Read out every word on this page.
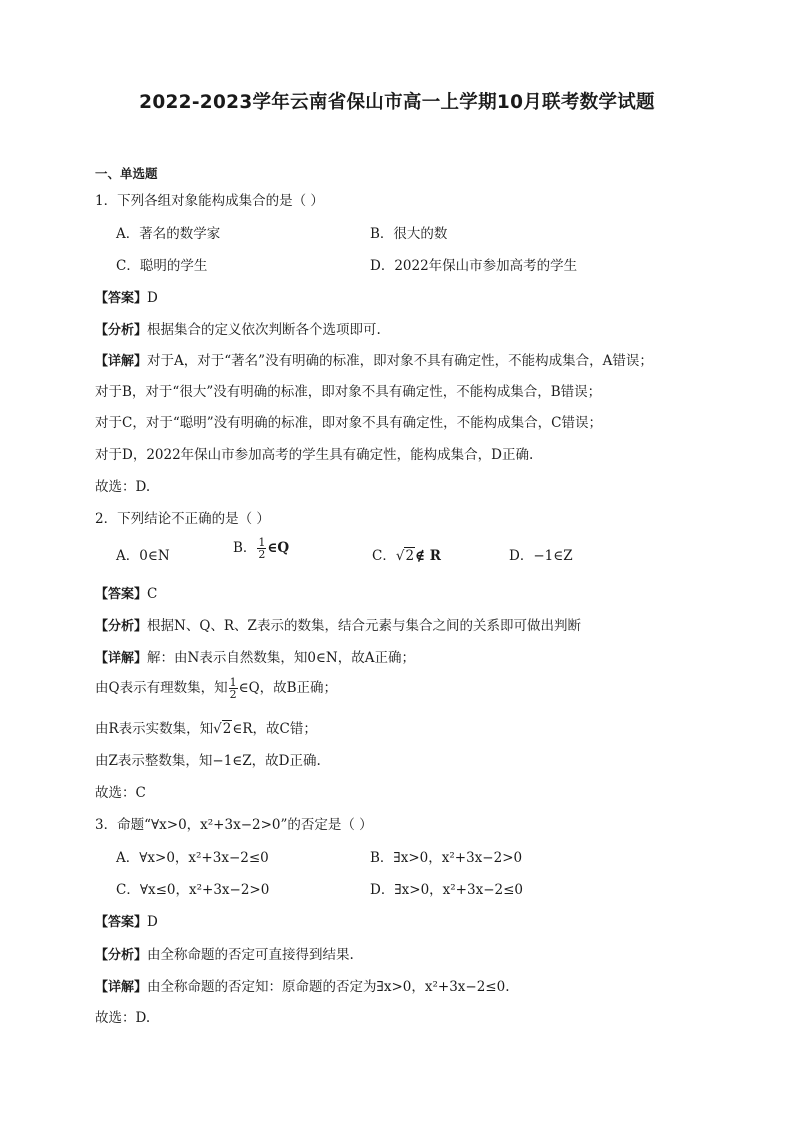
2022-2023学年云南省保山市高一上学期10月联考数学试题
一、单选题
1．下列各组对象能构成集合的是（ ）
A．著名的数学家	B．很大的数
C．聪明的学生	D．2022年保山市参加高考的学生
【答案】D
【分析】根据集合的定义依次判断各个选项即可.
【详解】对于A，对于“著名”没有明确的标准，即对象不具有确定性，不能构成集合，A错误；
对于B，对于“很大”没有明确的标准，即对象不具有确定性，不能构成集合，B错误；
对于C，对于“聪明”没有明确的标准，即对象不具有确定性，不能构成集合，C错误；
对于D，2022年保山市参加高考的学生具有确定性，能构成集合，D正确.
故选：D.
2．下列结论不正确的是（ ）
A．0∈N	B． $\frac{1}{2}$ ∈Q	C．√2∉ R	D．−1∈Z
【答案】C
【分析】根据N、Q、R、Z表示的数集，结合元素与集合之间的关系即可做出判断
【详解】解：由N表示自然数集，知0∈N，故A正确；
由Q表示有理数集，知 $\frac{1}{2}$ ∈Q，故B正确；
由R表示实数集，知√2∈R，故C错；
由Z表示整数集，知−1∈Z，故D正确.
故选：C
3．命题“∀x>0，x²+3x−2>0”的否定是（ ）
A．∀x>0，x²+3x−2≤0	B．∃x>0，x²+3x−2>0
C．∀x≤0，x²+3x−2>0	D．∃x>0，x²+3x−2≤0
【答案】D
【分析】由全称命题的否定可直接得到结果.
【详解】由全称命题的否定知：原命题的否定为∃x>0，x²+3x−2≤0.
故选：D.
